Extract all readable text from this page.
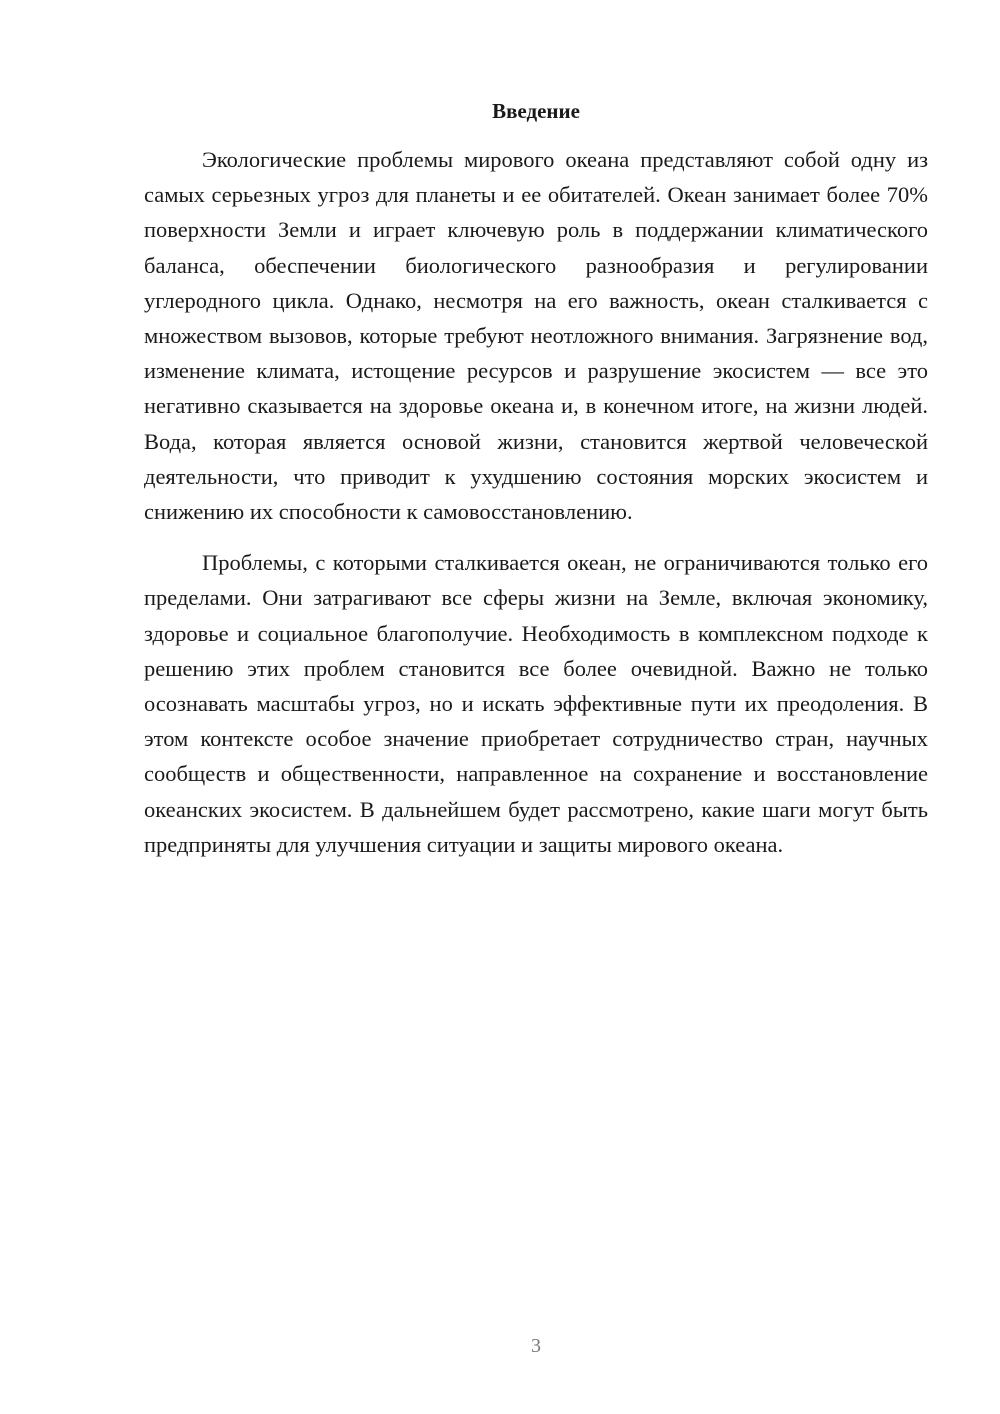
Введение

Экологические проблемы мирового океана представляют собой одну из самых серьезных угроз для планеты и ее обитателей. Океан занимает более 70% поверхности Земли и играет ключевую роль в поддержании климатического баланса, обеспечении биологического разнообразия и регулировании углеродного цикла. Однако, несмотря на его важность, океан сталкивается с множеством вызовов, которые требуют неотложного внимания. Загрязнение вод, изменение климата, истощение ресурсов и разрушение экосистем — все это негативно сказывается на здоровье океана и, в конечном итоге, на жизни людей. Вода, которая является основой жизни, становится жертвой человеческой деятельности, что приводит к ухудшению состояния морских экосистем и снижению их способности к самовосстановлению.

Проблемы, с которыми сталкивается океан, не ограничиваются только его пределами. Они затрагивают все сферы жизни на Земле, включая экономику, здоровье и социальное благополучие. Необходимость в комплексном подходе к решению этих проблем становится все более очевидной. Важно не только осознавать масштабы угроз, но и искать эффективные пути их преодоления. В этом контексте особое значение приобретает сотрудничество стран, научных сообществ и общественности, направленное на сохранение и восстановление океанских экосистем. В дальнейшем будет рассмотрено, какие шаги могут быть предприняты для улучшения ситуации и защиты мирового океана.

3
